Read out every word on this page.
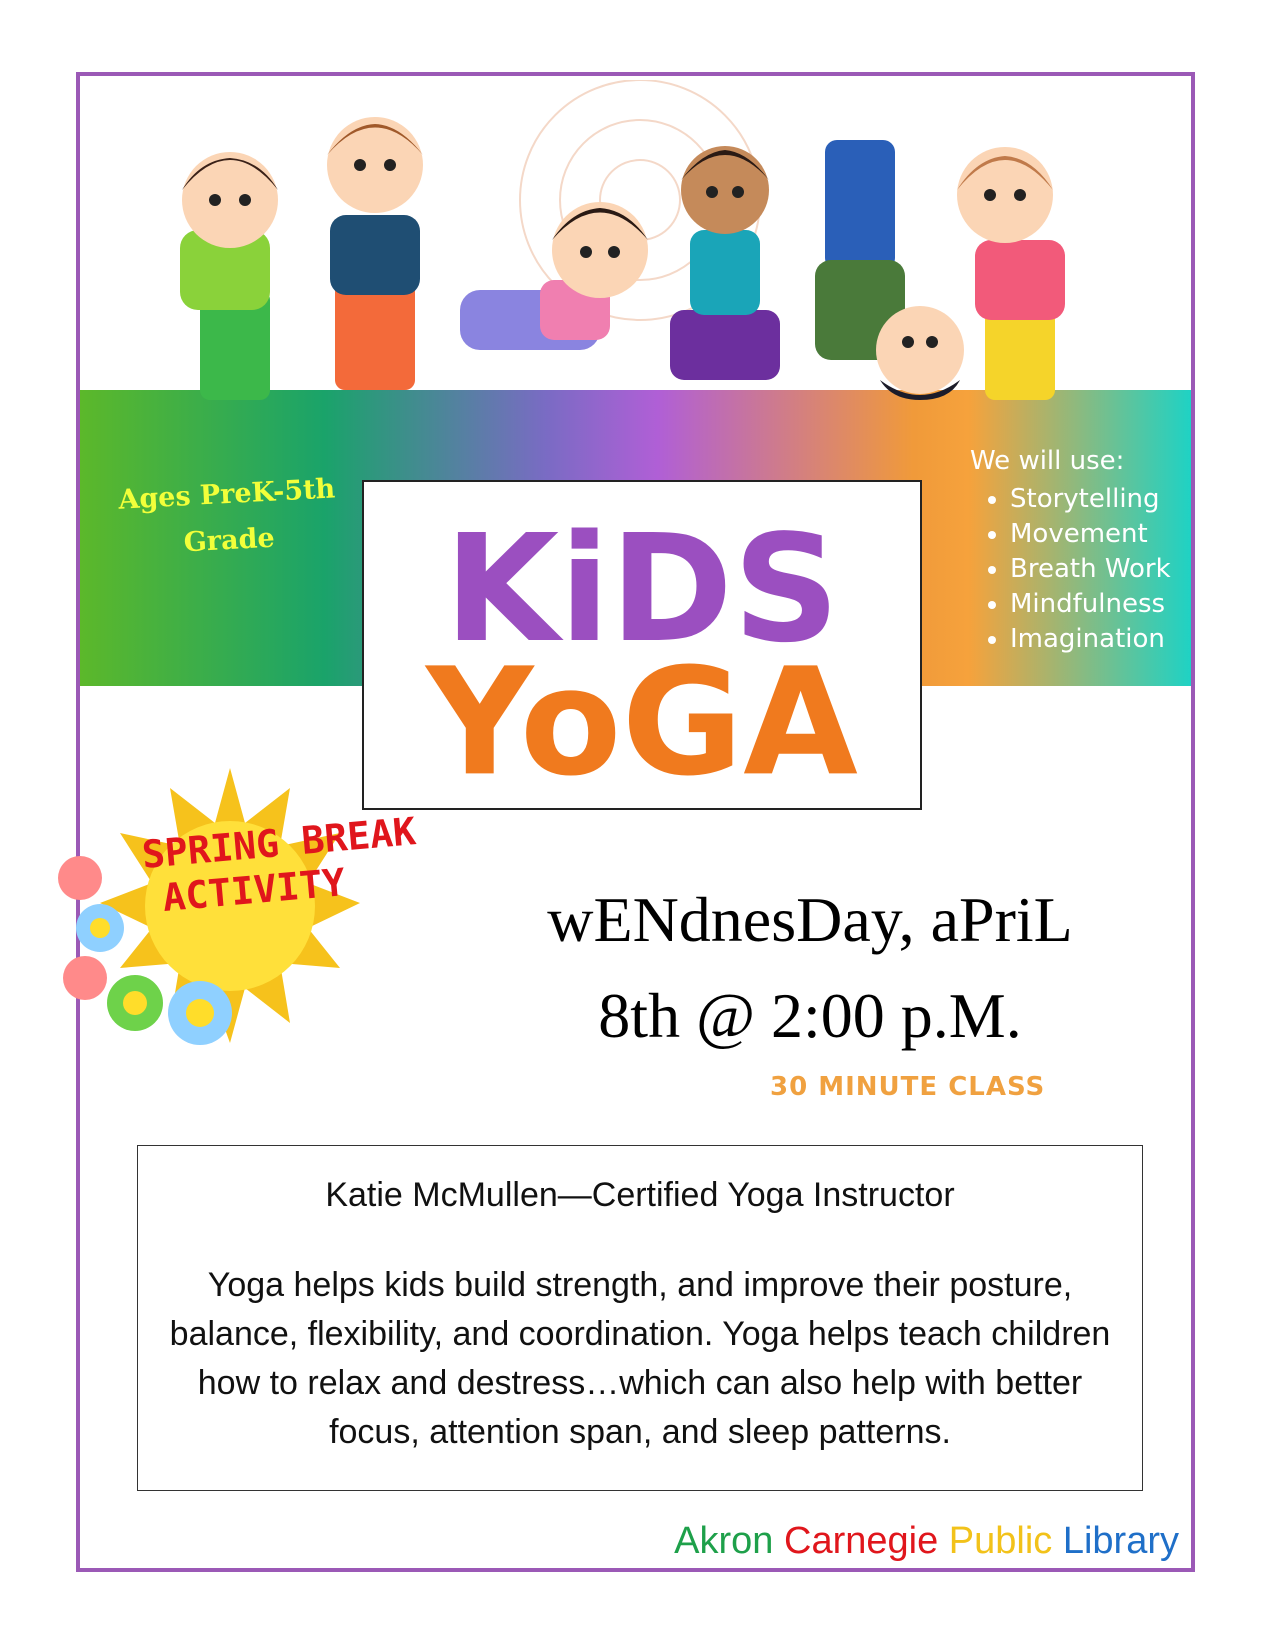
Ages PreK-5th Grade
We will use:
• Storytelling
• Movement
• Breath Work
• Mindfulness
• Imagination
KiDS
YoGA
SPRING BREAK
ACTIVITY	wENdnesDay, aPriL
8th @ 2:00 p.M.
30 MINUTE CLASS
Katie McMullen—Certified Yoga Instructor
Yoga helps kids build strength, and improve their posture, balance, flexibility, and coordination. Yoga helps teach children how to relax and destress…which can also help with better focus, attention span, and sleep patterns.
Akron Carnegie Public Library
